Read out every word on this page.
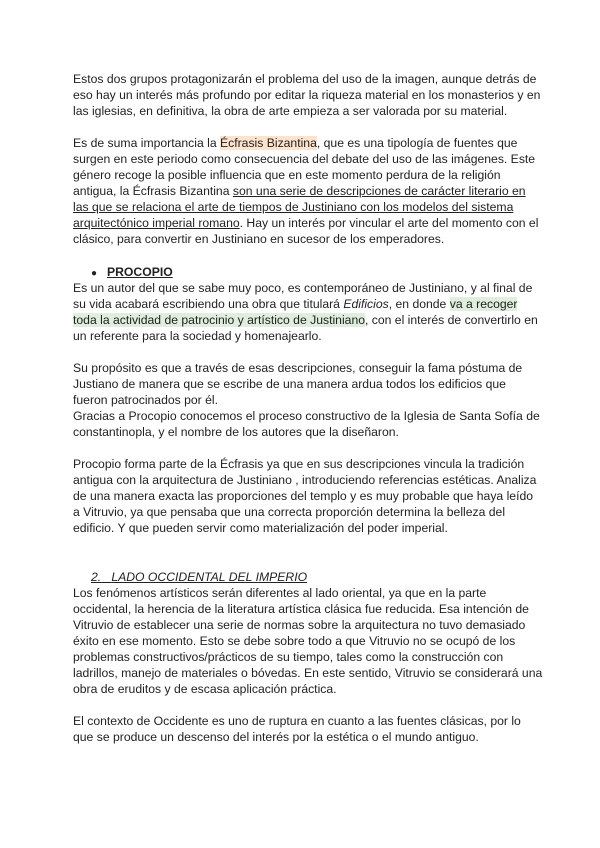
Estos dos grupos protagonizarán el problema del uso de la imagen, aunque detrás de eso hay un interés más profundo por editar la riqueza material en los monasterios y en las iglesias, en definitiva, la obra de arte empieza a ser valorada por su material.

Es de suma importancia la Écfrasis Bizantina, que es una tipología de fuentes que surgen en este periodo como consecuencia del debate del uso de las imágenes. Este género recoge la posible influencia que en este momento perdura de la religión antigua, la Écfrasis Bizantina son una serie de descripciones de carácter literario en las que se relaciona el arte de tiempos de Justiniano con los modelos del sistema arquitectónico imperial romano. Hay un interés por vincular el arte del momento con el clásico, para convertir en Justiniano en sucesor de los emperadores.

● PROCOPIO

Es un autor del que se sabe muy poco, es contemporáneo de Justiniano, y al final de su vida acabará escribiendo una obra que titulará Edificios, en donde va a recoger toda la actividad de patrocinio y artístico de Justiniano, con el interés de convertirlo en un referente para la sociedad y homenajearlo.

Su propósito es que a través de esas descripciones, conseguir la fama póstuma de Justiano de manera que se escribe de una manera ardua todos los edificios que fueron patrocinados por él.

Gracias a Procopio conocemos el proceso constructivo de la Iglesia de Santa Sofía de constantinopla, y el nombre de los autores que la diseñaron.

Procopio forma parte de la Écfrasis ya que en sus descripciones vincula la tradición antigua con la arquitectura de Justiniano , introduciendo referencias estéticas. Analiza de una manera exacta las proporciones del templo y es muy probable que haya leído a Vitruvio, ya que pensaba que una correcta proporción determina la belleza del edificio. Y que pueden servir como materialización del poder imperial.

2. LADO OCCIDENTAL DEL IMPERIO

Los fenómenos artísticos serán diferentes al lado oriental, ya que en la parte occidental, la herencia de la literatura artística clásica fue reducida. Esa intención de Vitruvio de establecer una serie de normas sobre la arquitectura no tuvo demasiado éxito en ese momento. Esto se debe sobre todo a que Vitruvio no se ocupó de los problemas constructivos/prácticos de su tiempo, tales como la construcción con ladrillos, manejo de materiales o bóvedas. En este sentido, Vitruvio se considerará una obra de eruditos y de escasa aplicación práctica.

El contexto de Occidente es uno de ruptura en cuanto a las fuentes clásicas, por lo que se produce un descenso del interés por la estética o el mundo antiguo.
